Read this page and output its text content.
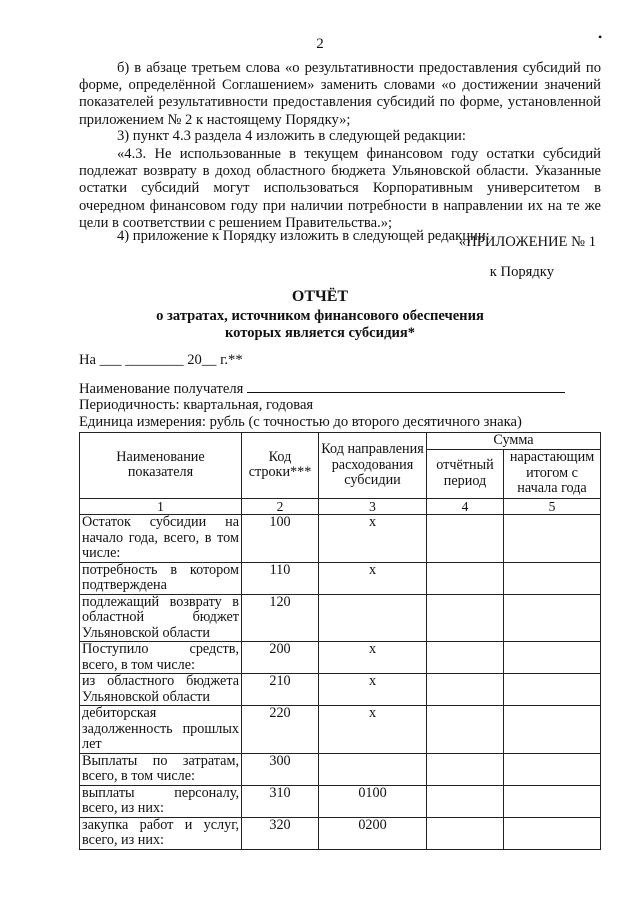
2	•
б) в абзаце третьем слова «о результативности предоставления субсидий по форме, определённой Соглашением» заменить словами «о достижении значений показателей результативности предоставления субсидий по форме, установленной приложением № 2 к настоящему Порядку»;
3) пункт 4.3 раздела 4 изложить в следующей редакции:
«4.3. Не использованные в текущем финансовом году остатки субсидий подлежат возврату в доход областного бюджета Ульяновской области. Указанные остатки субсидий могут использоваться Корпоративным университетом в очередном финансовом году при наличии потребности в направлении их на те же цели в соответствии с решением Правительства.»;
4) приложение к Порядку изложить в следующей редакции:
«ПРИЛОЖЕНИЕ № 1
к Порядку
ОТЧЁТ
о затратах, источником финансового обеспечения
которых является субсидия*
На ___ ________ 20__ г.**
Наименование получателя
Периодичность: квартальная, годовая
Единица измерения: рубль (с точностью до второго десятичного знака)
Наименование показателя	Код строки***	Код направления расходования субсидии	Сумма	
			отчётный период	нарастающим итогом с начала года
1	2	3	4	5
Остаток субсидии на начало года, всего, в том числе:	100	x		
потребность в котором подтверждена	110	x		
подлежащий возврату в областной бюджет Ульяновской области	120			
Поступило средств, всего, в том числе:	200	x		
из областного бюджета Ульяновской области	210	x		
дебиторская задолженность прошлых лет	220	x		
Выплаты по затратам, всего, в том числе:	300			
выплаты персоналу, всего, из них:	310	0100		
закупка работ и услуг, всего, из них:	320	0200		
